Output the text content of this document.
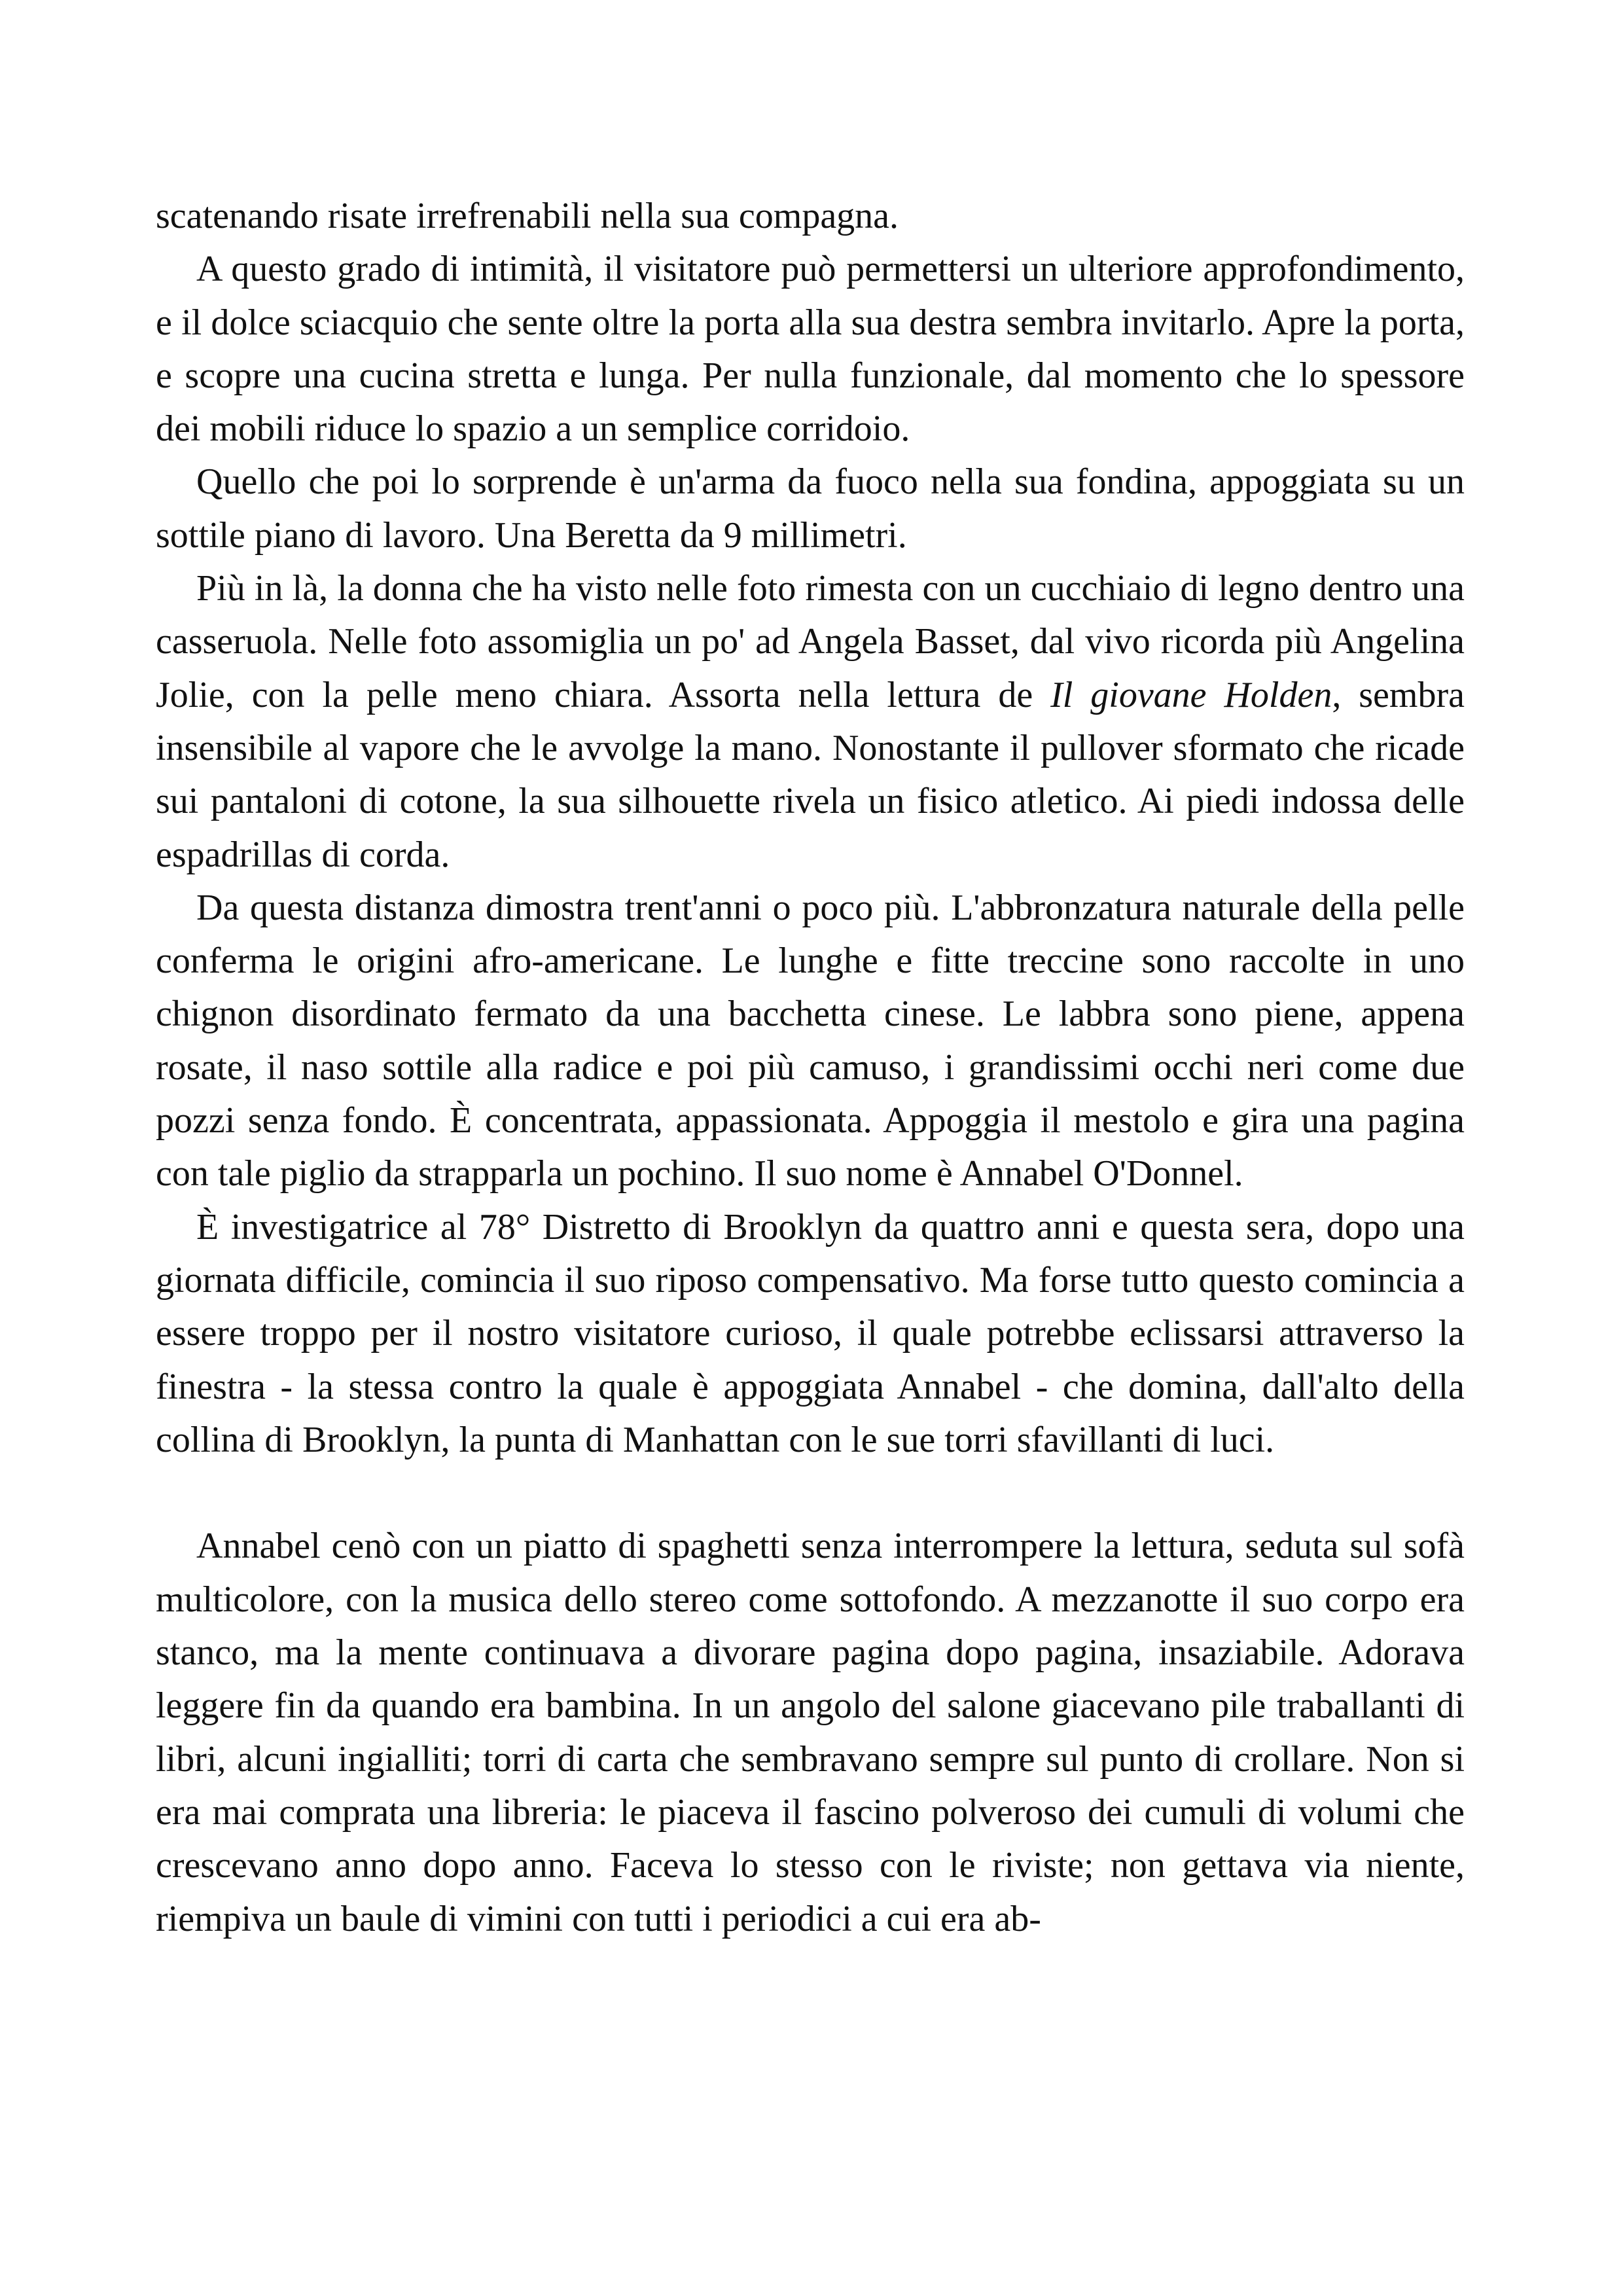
scatenando risate irrefrenabili nella sua compagna.

A questo grado di intimità, il visitatore può permettersi un ulteriore approfondimento, e il dolce sciacquio che sente oltre la porta alla sua destra sembra invitarlo. Apre la porta, e scopre una cucina stretta e lunga. Per nulla funzionale, dal momento che lo spessore dei mobili riduce lo spazio a un semplice corridoio.

Quello che poi lo sorprende è un'arma da fuoco nella sua fondina, appoggiata su un sottile piano di lavoro. Una Beretta da 9 millimetri.

Più in là, la donna che ha visto nelle foto rimesta con un cucchiaio di legno dentro una casseruola. Nelle foto assomiglia un po' ad Angela Basset, dal vivo ricorda più Angelina Jolie, con la pelle meno chiara. Assorta nella lettura de Il giovane Holden, sembra insensibile al vapore che le avvolge la mano. Nonostante il pullover sformato che ricade sui pantaloni di cotone, la sua silhouette rivela un fisico atletico. Ai piedi indossa delle espadrillas di corda.

Da questa distanza dimostra trent'anni o poco più. L'abbronzatura naturale della pelle conferma le origini afro-americane. Le lunghe e fitte treccine sono raccolte in uno chignon disordinato fermato da una bacchetta cinese. Le labbra sono piene, appena rosate, il naso sottile alla radice e poi più camuso, i grandissimi occhi neri come due pozzi senza fondo. È concentrata, appassionata. Appoggia il mestolo e gira una pagina con tale piglio da strapparla un pochino. Il suo nome è Annabel O'Donnel.

È investigatrice al 78° Distretto di Brooklyn da quattro anni e questa sera, dopo una giornata difficile, comincia il suo riposo compensativo. Ma forse tutto questo comincia a essere troppo per il nostro visitatore curioso, il quale potrebbe eclissarsi attraverso la finestra - la stessa contro la quale è appoggiata Annabel - che domina, dall'alto della collina di Brooklyn, la punta di Manhattan con le sue torri sfavillanti di luci.

Annabel cenò con un piatto di spaghetti senza interrompere la lettura, seduta sul sofà multicolore, con la musica dello stereo come sottofondo. A mezzanotte il suo corpo era stanco, ma la mente continuava a divorare pagina dopo pagina, insaziabile. Adorava leggere fin da quando era bambina. In un angolo del salone giacevano pile traballanti di libri, alcuni ingialliti; torri di carta che sembravano sempre sul punto di crollare. Non si era mai comprata una libreria: le piaceva il fascino polveroso dei cumuli di volumi che crescevano anno dopo anno. Faceva lo stesso con le riviste; non gettava via niente, riempiva un baule di vimini con tutti i periodici a cui era ab-
